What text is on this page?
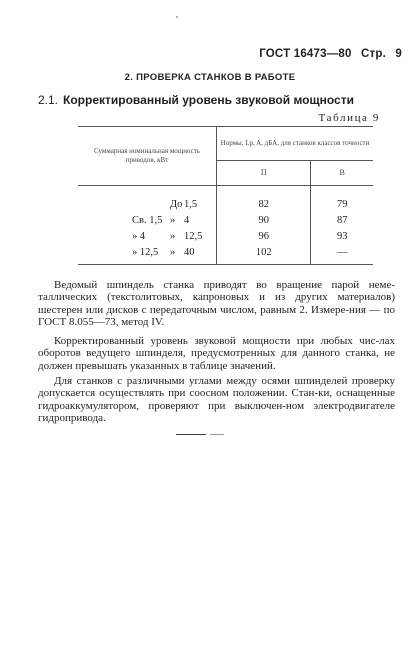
ГОСТ 16473—80 Стр. 9
2. ПРОВЕРКА СТАНКОВ В РАБОТЕ
2.1. Корректированный уровень звуковой мощности
Таблица 9
Суммарная номинальная мощность приводов, кВт	Нормы, Lp, A, дБА, для станков классов точности	
	П	В

До 1,5	82	79

Св. 1,5 » 4	90	87

» 4 » 12,5	96	93

» 12,5 » 40	102	—
Ведомый шпиндель станка приводят во вращение парой неме-таллических (текстолитовых, капроновых и из других материалов) шестерен или дисков с передаточным числом, равным 2. Измере-ния — по ГОСТ 8.055—73, метод IV.
Корректированный уровень звуковой мощности при любых чис-лах оборотов ведущего шпинделя, предусмотренных для данного станка, не должен превышать указанных в таблице значений.
Для станков с различными углами между осями шпинделей проверку допускается осуществлять при соосном положении. Стан-ки, оснащенные гидроаккумулятором, проверяют при выключен-ном электродвигателе гидропривода.
